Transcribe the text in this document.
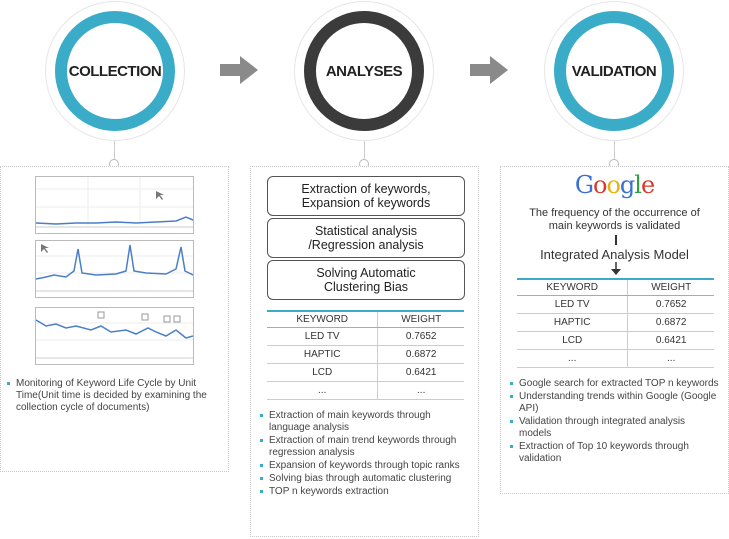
COLLECTION	ANALYSES	VALIDATION
Monitoring of Keyword Life Cycle by Unit Time(Unit time is decided by examining the collection cycle of documents)
Extraction of keywords, Expansion of keywords
Statistical analysis /Regression analysis
Solving Automatic Clustering Bias
KEYWORD	WEIGHT
LED TV	0.7652
HAPTIC	0.6872
LCD	0.6421
...	...
Extraction of main keywords through language analysis
Extraction of main trend keywords through regression analysis
Expansion of keywords through topic ranks
Solving bias through automatic clustering
TOP n keywords extraction
Google
The frequency of the occurrence of main keywords is validated
Integrated Analysis Model
KEYWORD	WEIGHT
LED TV	0.7652
HAPTIC	0.6872
LCD	0.6421
...	...
Google search for extracted TOP n keywords
Understanding trends within Google (Google API)
Validation through integrated analysis models
Extraction of Top 10 keywords through validation
